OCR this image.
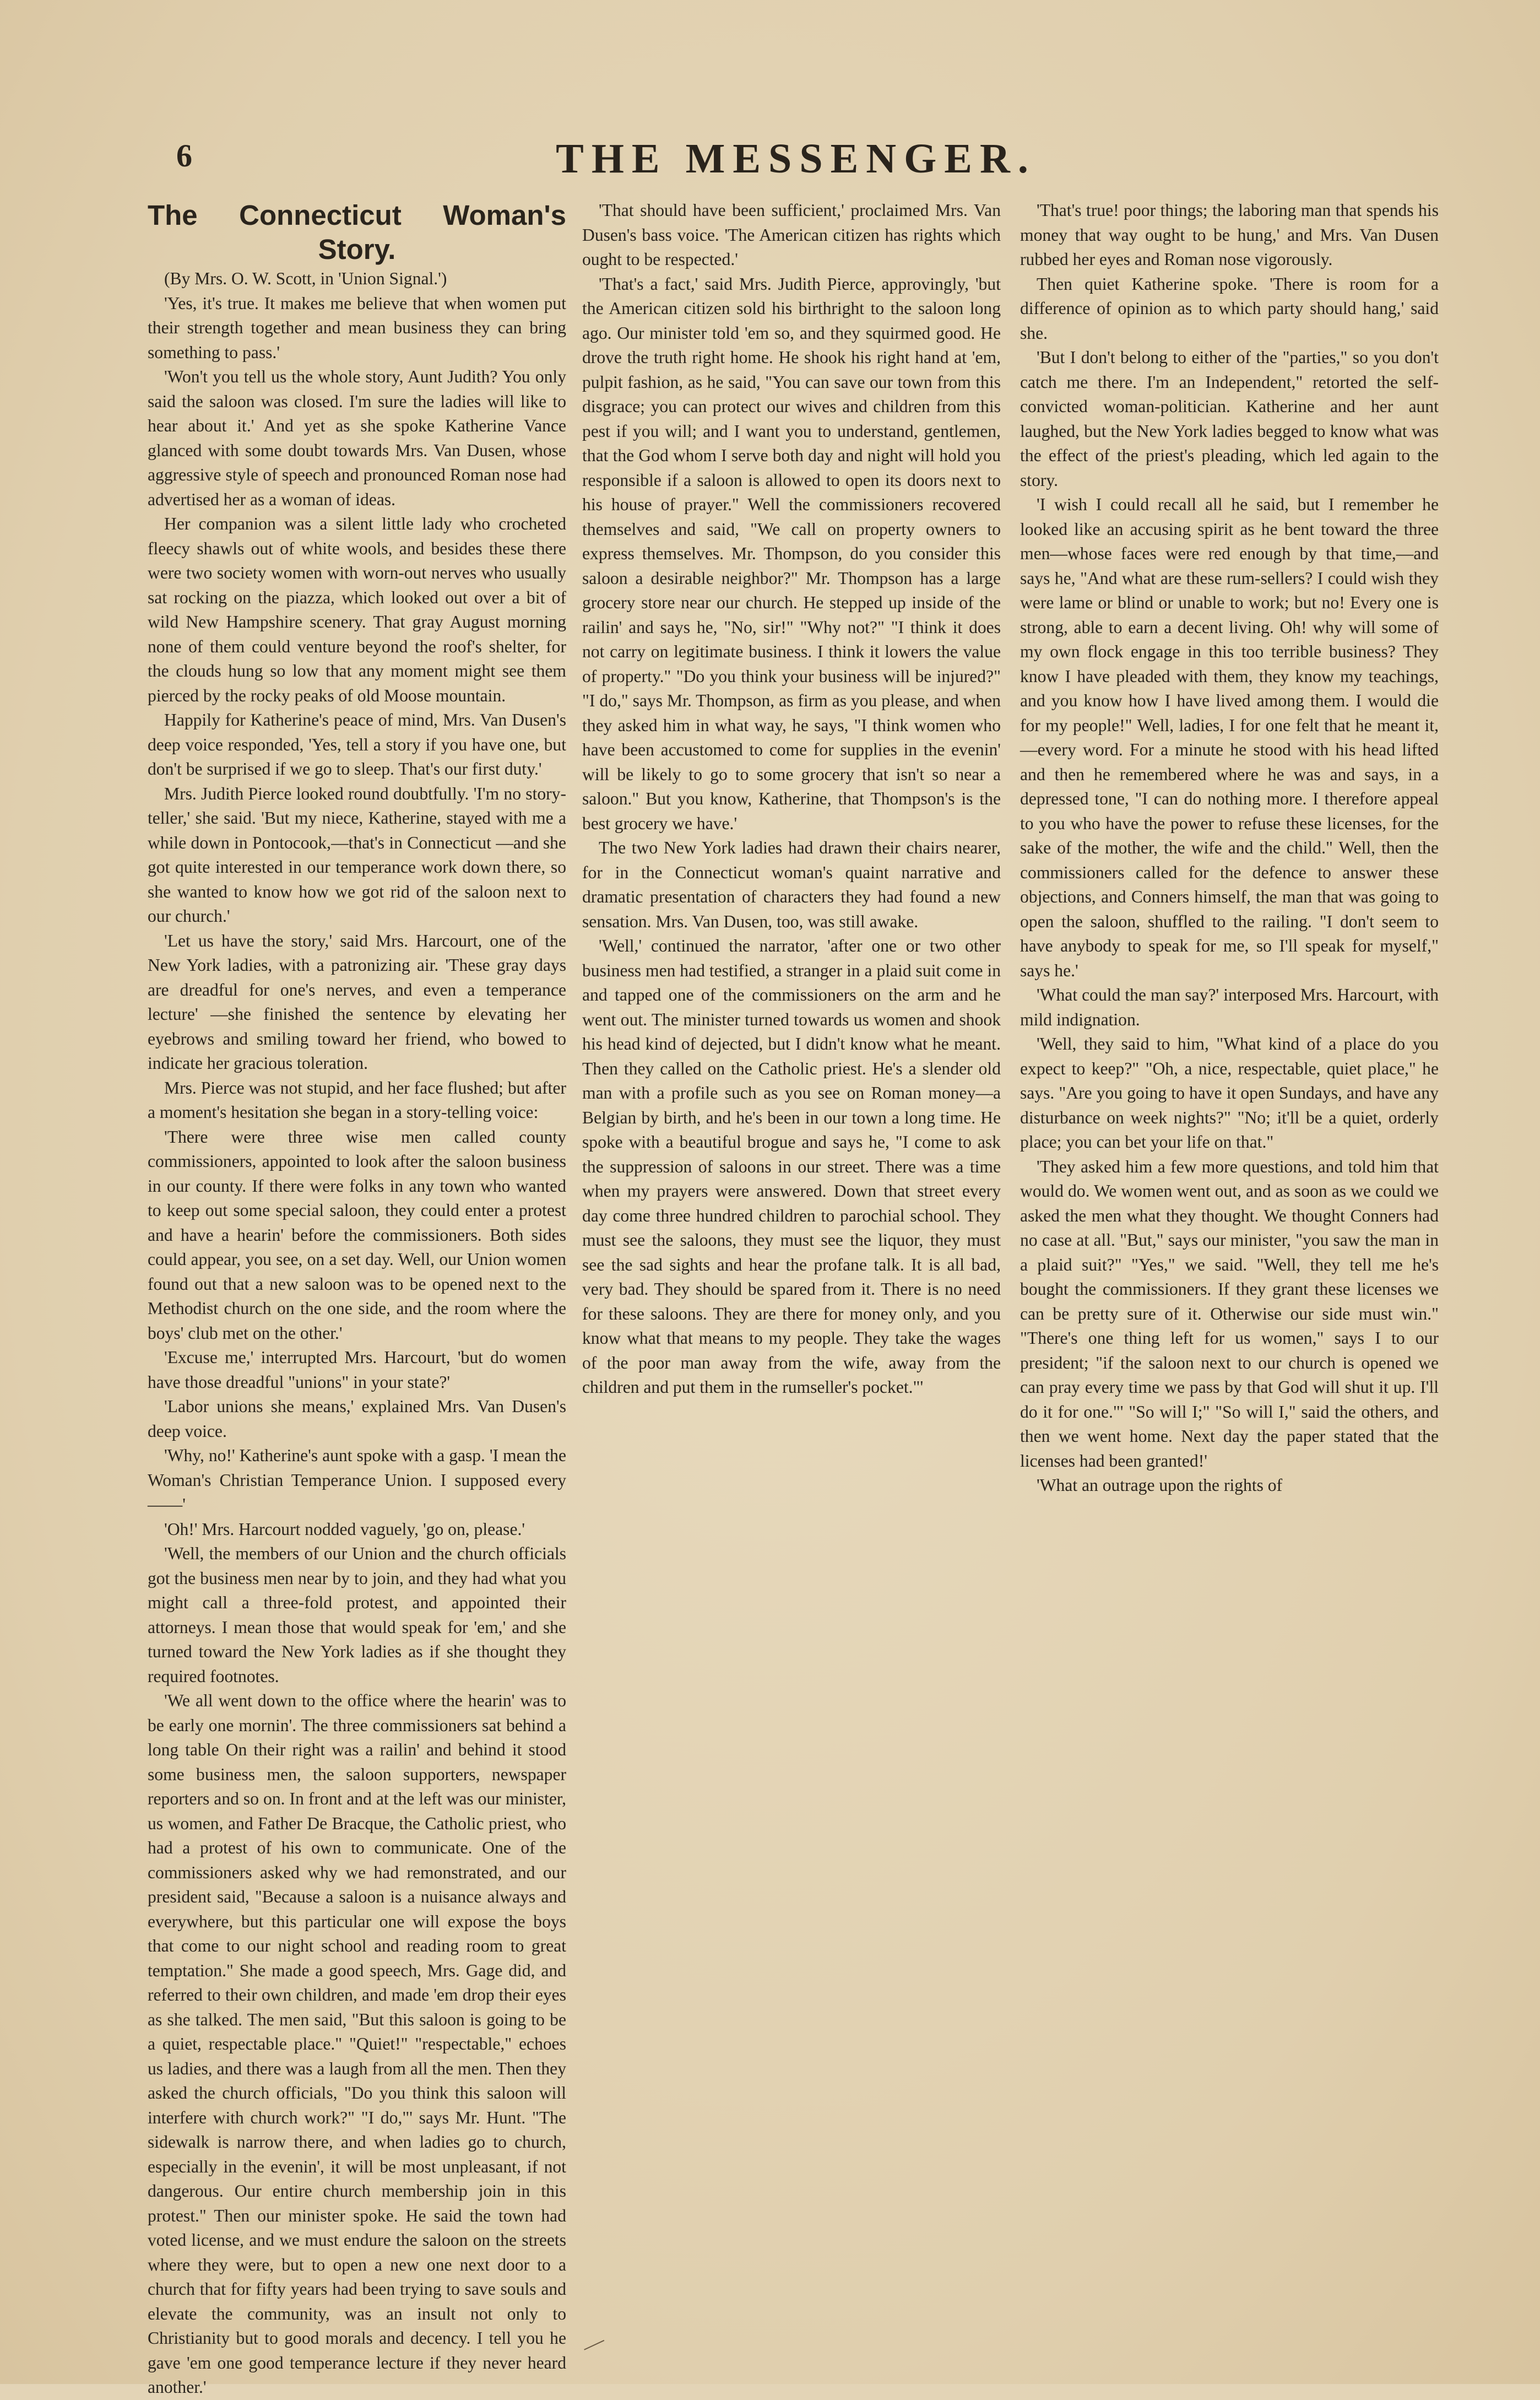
6	THE MESSENGER.
The Connecticut Woman's Story.

(By Mrs. O. W. Scott, in 'Union Signal.')

'Yes, it's true. It makes me believe that when women put their strength together and mean business they can bring something to pass.'

'Won't you tell us the whole story, Aunt Judith? You only said the saloon was closed. I'm sure the ladies will like to hear about it.' And yet as she spoke Katherine Vance glanced with some doubt towards Mrs. Van Dusen, whose aggressive style of speech and pronounced Roman nose had advertised her as a woman of ideas.

Her companion was a silent little lady who crocheted fleecy shawls out of white wools, and besides these there were two society women with worn-out nerves who usually sat rocking on the piazza, which looked out over a bit of wild New Hampshire scenery. That gray August morning none of them could venture beyond the roof's shelter, for the clouds hung so low that any moment might see them pierced by the rocky peaks of old Moose mountain.

Happily for Katherine's peace of mind, Mrs. Van Dusen's deep voice responded, 'Yes, tell a story if you have one, but don't be surprised if we go to sleep. That's our first duty.'

Mrs. Judith Pierce looked round doubtfully. 'I'm no story-teller,' she said. 'But my niece, Katherine, stayed with me a while down in Pontocook,—that's in Connecticut —and she got quite interested in our temperance work down there, so she wanted to know how we got rid of the saloon next to our church.'

'Let us have the story,' said Mrs. Harcourt, one of the New York ladies, with a patronizing air. 'These gray days are dreadful for one's nerves, and even a temperance lecture' —she finished the sentence by elevating her eyebrows and smiling toward her friend, who bowed to indicate her gracious toleration.

Mrs. Pierce was not stupid, and her face flushed; but after a moment's hesitation she began in a story-telling voice:

'There were three wise men called county commissioners, appointed to look after the saloon business in our county. If there were folks in any town who wanted to keep out some special saloon, they could enter a protest and have a hearin' before the commissioners. Both sides could appear, you see, on a set day. Well, our Union women found out that a new saloon was to be opened next to the Methodist church on the one side, and the room where the boys' club met on the other.'

'Excuse me,' interrupted Mrs. Harcourt, 'but do women have those dreadful "unions" in your state?'

'Labor unions she means,' explained Mrs. Van Dusen's deep voice.

'Why, no!' Katherine's aunt spoke with a gasp. 'I mean the Woman's Christian Temperance Union. I supposed every——'

'Oh!' Mrs. Harcourt nodded vaguely, 'go on, please.'

'Well, the members of our Union and the church officials got the business men near by to join, and they had what you might call a three-fold protest, and appointed their attorneys. I mean those that would speak for 'em,' and she turned toward the New York ladies as if she thought they required footnotes.

'We all went down to the office where the hearin' was to be early one mornin'. The three commissioners sat behind a long table On their right was a railin' and behind it stood some business men, the saloon supporters, newspaper reporters and so on. In front and at the left was our minister, us women, and Father De Bracque, the Catholic priest, who had a protest of his own to communicate. One of the commissioners asked why we had remonstrated, and our president said, "Because a saloon is a nuisance always and everywhere, but this particular one will expose the boys that come to our night school and reading room to great temptation." She made a good speech, Mrs. Gage did, and referred to their own children, and made 'em drop their eyes as she talked. The men said, "But this saloon is going to be a quiet, respectable place." "Quiet!" "respectable," echoes us ladies, and there was a laugh from all the men. Then they asked the church officials, "Do you think this saloon will interfere with church work?" "I do,"' says Mr. Hunt. "The sidewalk is narrow there, and when ladies go to church, especially in the evenin', it will be most unpleasant, if not dangerous. Our entire church membership join in this protest." Then our minister spoke. He said the town had voted license, and we must endure the saloon on the streets where they were, but to open a new one next door to a church that for fifty years had been trying to save souls and elevate the community, was an insult not only to Christianity but to good morals and decency. I tell you he gave 'em one good temperance lecture if they never heard another.'

'That should have been sufficient,' proclaimed Mrs. Van Dusen's bass voice. 'The American citizen has rights which ought to be respected.'

'That's a fact,' said Mrs. Judith Pierce, approvingly, 'but the American citizen sold his birthright to the saloon long ago. Our minister told 'em so, and they squirmed good. He drove the truth right home. He shook his right hand at 'em, pulpit fashion, as he said, "You can save our town from this disgrace; you can protect our wives and children from this pest if you will; and I want you to understand, gentlemen, that the God whom I serve both day and night will hold you responsible if a saloon is allowed to open its doors next to his house of prayer." Well the commissioners recovered themselves and said, "We call on property owners to express themselves. Mr. Thompson, do you consider this saloon a desirable neighbor?" Mr. Thompson has a large grocery store near our church. He stepped up inside of the railin' and says he, "No, sir!" "Why not?" "I think it does not carry on legitimate business. I think it lowers the value of property." "Do you think your business will be injured?" "I do," says Mr. Thompson, as firm as you please, and when they asked him in what way, he says, "I think women who have been accustomed to come for supplies in the evenin' will be likely to go to some grocery that isn't so near a saloon." But you know, Katherine, that Thompson's is the best grocery we have.'

The two New York ladies had drawn their chairs nearer, for in the Connecticut woman's quaint narrative and dramatic presentation of characters they had found a new sensation. Mrs. Van Dusen, too, was still awake.

'Well,' continued the narrator, 'after one or two other business men had testified, a stranger in a plaid suit come in and tapped one of the commissioners on the arm and he went out. The minister turned towards us women and shook his head kind of dejected, but I didn't know what he meant. Then they called on the Catholic priest. He's a slender old man with a profile such as you see on Roman money—a Belgian by birth, and he's been in our town a long time. He spoke with a beautiful brogue and says he, "I come to ask the suppression of saloons in our street. There was a time when my prayers were answered. Down that street every day come three hundred children to parochial school. They must see the saloons, they must see the liquor, they must see the sad sights and hear the profane talk. It is all bad, very bad. They should be spared from it. There is no need for these saloons. They are there for money only, and you know what that means to my people. They take the wages of the poor man away from the wife, away from the children and put them in the rumseller's pocket."'

'That's true! poor things; the laboring man that spends his money that way ought to be hung,' and Mrs. Van Dusen rubbed her eyes and Roman nose vigorously.

Then quiet Katherine spoke. 'There is room for a difference of opinion as to which party should hang,' said she.

'But I don't belong to either of the "parties," so you don't catch me there. I'm an Independent," retorted the self-convicted woman-politician. Katherine and her aunt laughed, but the New York ladies begged to know what was the effect of the priest's pleading, which led again to the story.

'I wish I could recall all he said, but I remember he looked like an accusing spirit as he bent toward the three men—whose faces were red enough by that time,—and says he, "And what are these rum-sellers? I could wish they were lame or blind or unable to work; but no! Every one is strong, able to earn a decent living. Oh! why will some of my own flock engage in this too terrible business? They know I have pleaded with them, they know my teachings, and you know how I have lived among them. I would die for my people!" Well, ladies, I for one felt that he meant it,—every word. For a minute he stood with his head lifted and then he remembered where he was and says, in a depressed tone, "I can do nothing more. I therefore appeal to you who have the power to refuse these licenses, for the sake of the mother, the wife and the child." Well, then the commissioners called for the defence to answer these objections, and Conners himself, the man that was going to open the saloon, shuffled to the railing. "I don't seem to have anybody to speak for me, so I'll speak for myself," says he.'

'What could the man say?' interposed Mrs. Harcourt, with mild indignation.

'Well, they said to him, "What kind of a place do you expect to keep?" "Oh, a nice, respectable, quiet place," he says. "Are you going to have it open Sundays, and have any disturbance on week nights?" "No; it'll be a quiet, orderly place; you can bet your life on that."

'They asked him a few more questions, and told him that would do. We women went out, and as soon as we could we asked the men what they thought. We thought Conners had no case at all. "But," says our minister, "you saw the man in a plaid suit?" "Yes," we said. "Well, they tell me he's bought the commissioners. If they grant these licenses we can be pretty sure of it. Otherwise our side must win." "There's one thing left for us women," says I to our president; "if the saloon next to our church is opened we can pray every time we pass by that God will shut it up. I'll do it for one."' "So will I;" "So will I," said the others, and then we went home. Next day the paper stated that the licenses had been granted!'

'What an outrage upon the rights of
